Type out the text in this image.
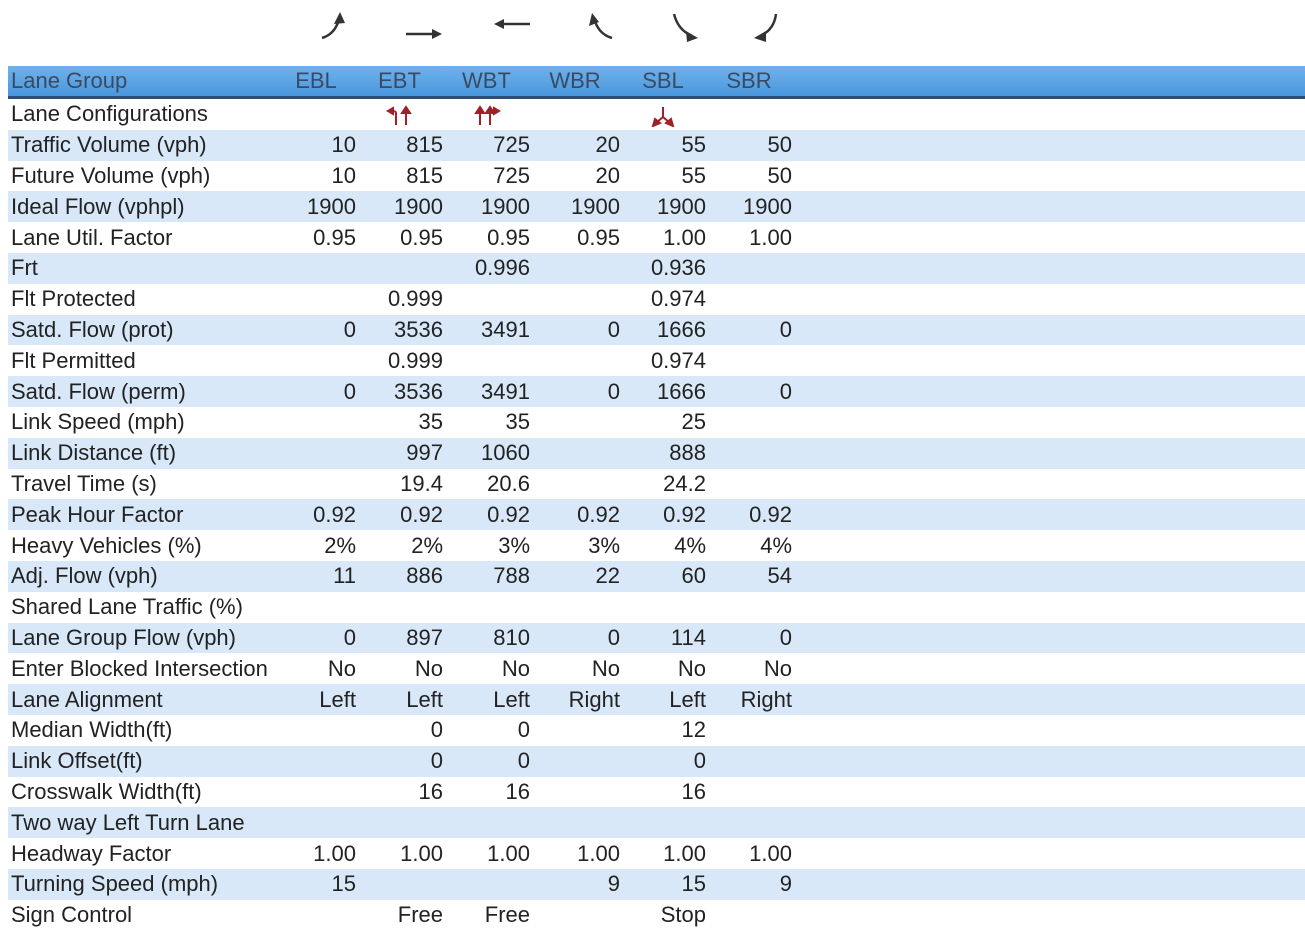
Lane Group	EBL	EBT	WBT	WBR	SBL	SBR	
Lane Configurations							
Traffic Volume (vph)	10	815	725	20	55	50	
Future Volume (vph)	10	815	725	20	55	50	
Ideal Flow (vphpl)	1900	1900	1900	1900	1900	1900	
Lane Util. Factor	0.95	0.95	0.95	0.95	1.00	1.00	
Frt			0.996		0.936		
Flt Protected		0.999			0.974		
Satd. Flow (prot)	0	3536	3491	0	1666	0	
Flt Permitted		0.999			0.974		
Satd. Flow (perm)	0	3536	3491	0	1666	0	
Link Speed (mph)		35	35		25		
Link Distance (ft)		997	1060		888		
Travel Time (s)		19.4	20.6		24.2		
Peak Hour Factor	0.92	0.92	0.92	0.92	0.92	0.92	
Heavy Vehicles (%)	2%	2%	3%	3%	4%	4%	
Adj. Flow (vph)	11	886	788	22	60	54	
Shared Lane Traffic (%)							
Lane Group Flow (vph)	0	897	810	0	114	0	
Enter Blocked Intersection	No	No	No	No	No	No	
Lane Alignment	Left	Left	Left	Right	Left	Right	
Median Width(ft)		0	0		12		
Link Offset(ft)		0	0		0		
Crosswalk Width(ft)		16	16		16		
Two way Left Turn Lane							
Headway Factor	1.00	1.00	1.00	1.00	1.00	1.00	
Turning Speed (mph)	15			9	15	9	
Sign Control		Free	Free		Stop		
